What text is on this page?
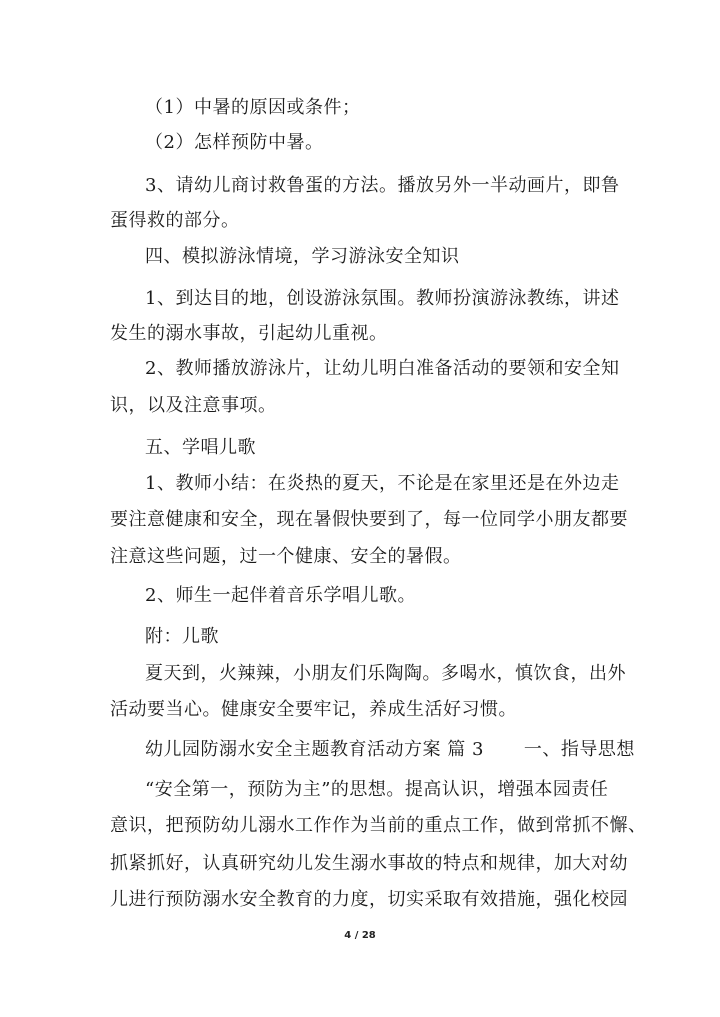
（1）中暑的原因或条件；
（2）怎样预防中暑。
3、请幼儿商讨救鲁蛋的方法。播放另外一半动画片，即鲁
蛋得救的部分。
四、模拟游泳情境，学习游泳安全知识
1、到达目的地，创设游泳氛围。教师扮演游泳教练，讲述
发生的溺水事故，引起幼儿重视。
2、教师播放游泳片，让幼儿明白准备活动的要领和安全知
识，以及注意事项。
五、学唱儿歌
1、教师小结：在炎热的夏天，不论是在家里还是在外边走
要注意健康和安全，现在暑假快要到了，每一位同学小朋友都要
注意这些问题，过一个健康、安全的暑假。
2、师生一起伴着音乐学唱儿歌。
附：儿歌
夏天到，火辣辣，小朋友们乐陶陶。多喝水，慎饮食，出外
活动要当心。健康安全要牢记，养成生活好习惯。
幼儿园防溺水安全主题教育活动方案 篇 3 一、指导思想
“安全第一，预防为主”的思想。提高认识，增强本园责任
意识，把预防幼儿溺水工作作为当前的重点工作，做到常抓不懈、
抓紧抓好，认真研究幼儿发生溺水事故的特点和规律，加大对幼
儿进行预防溺水安全教育的力度，切实采取有效措施，强化校园
4 / 28
